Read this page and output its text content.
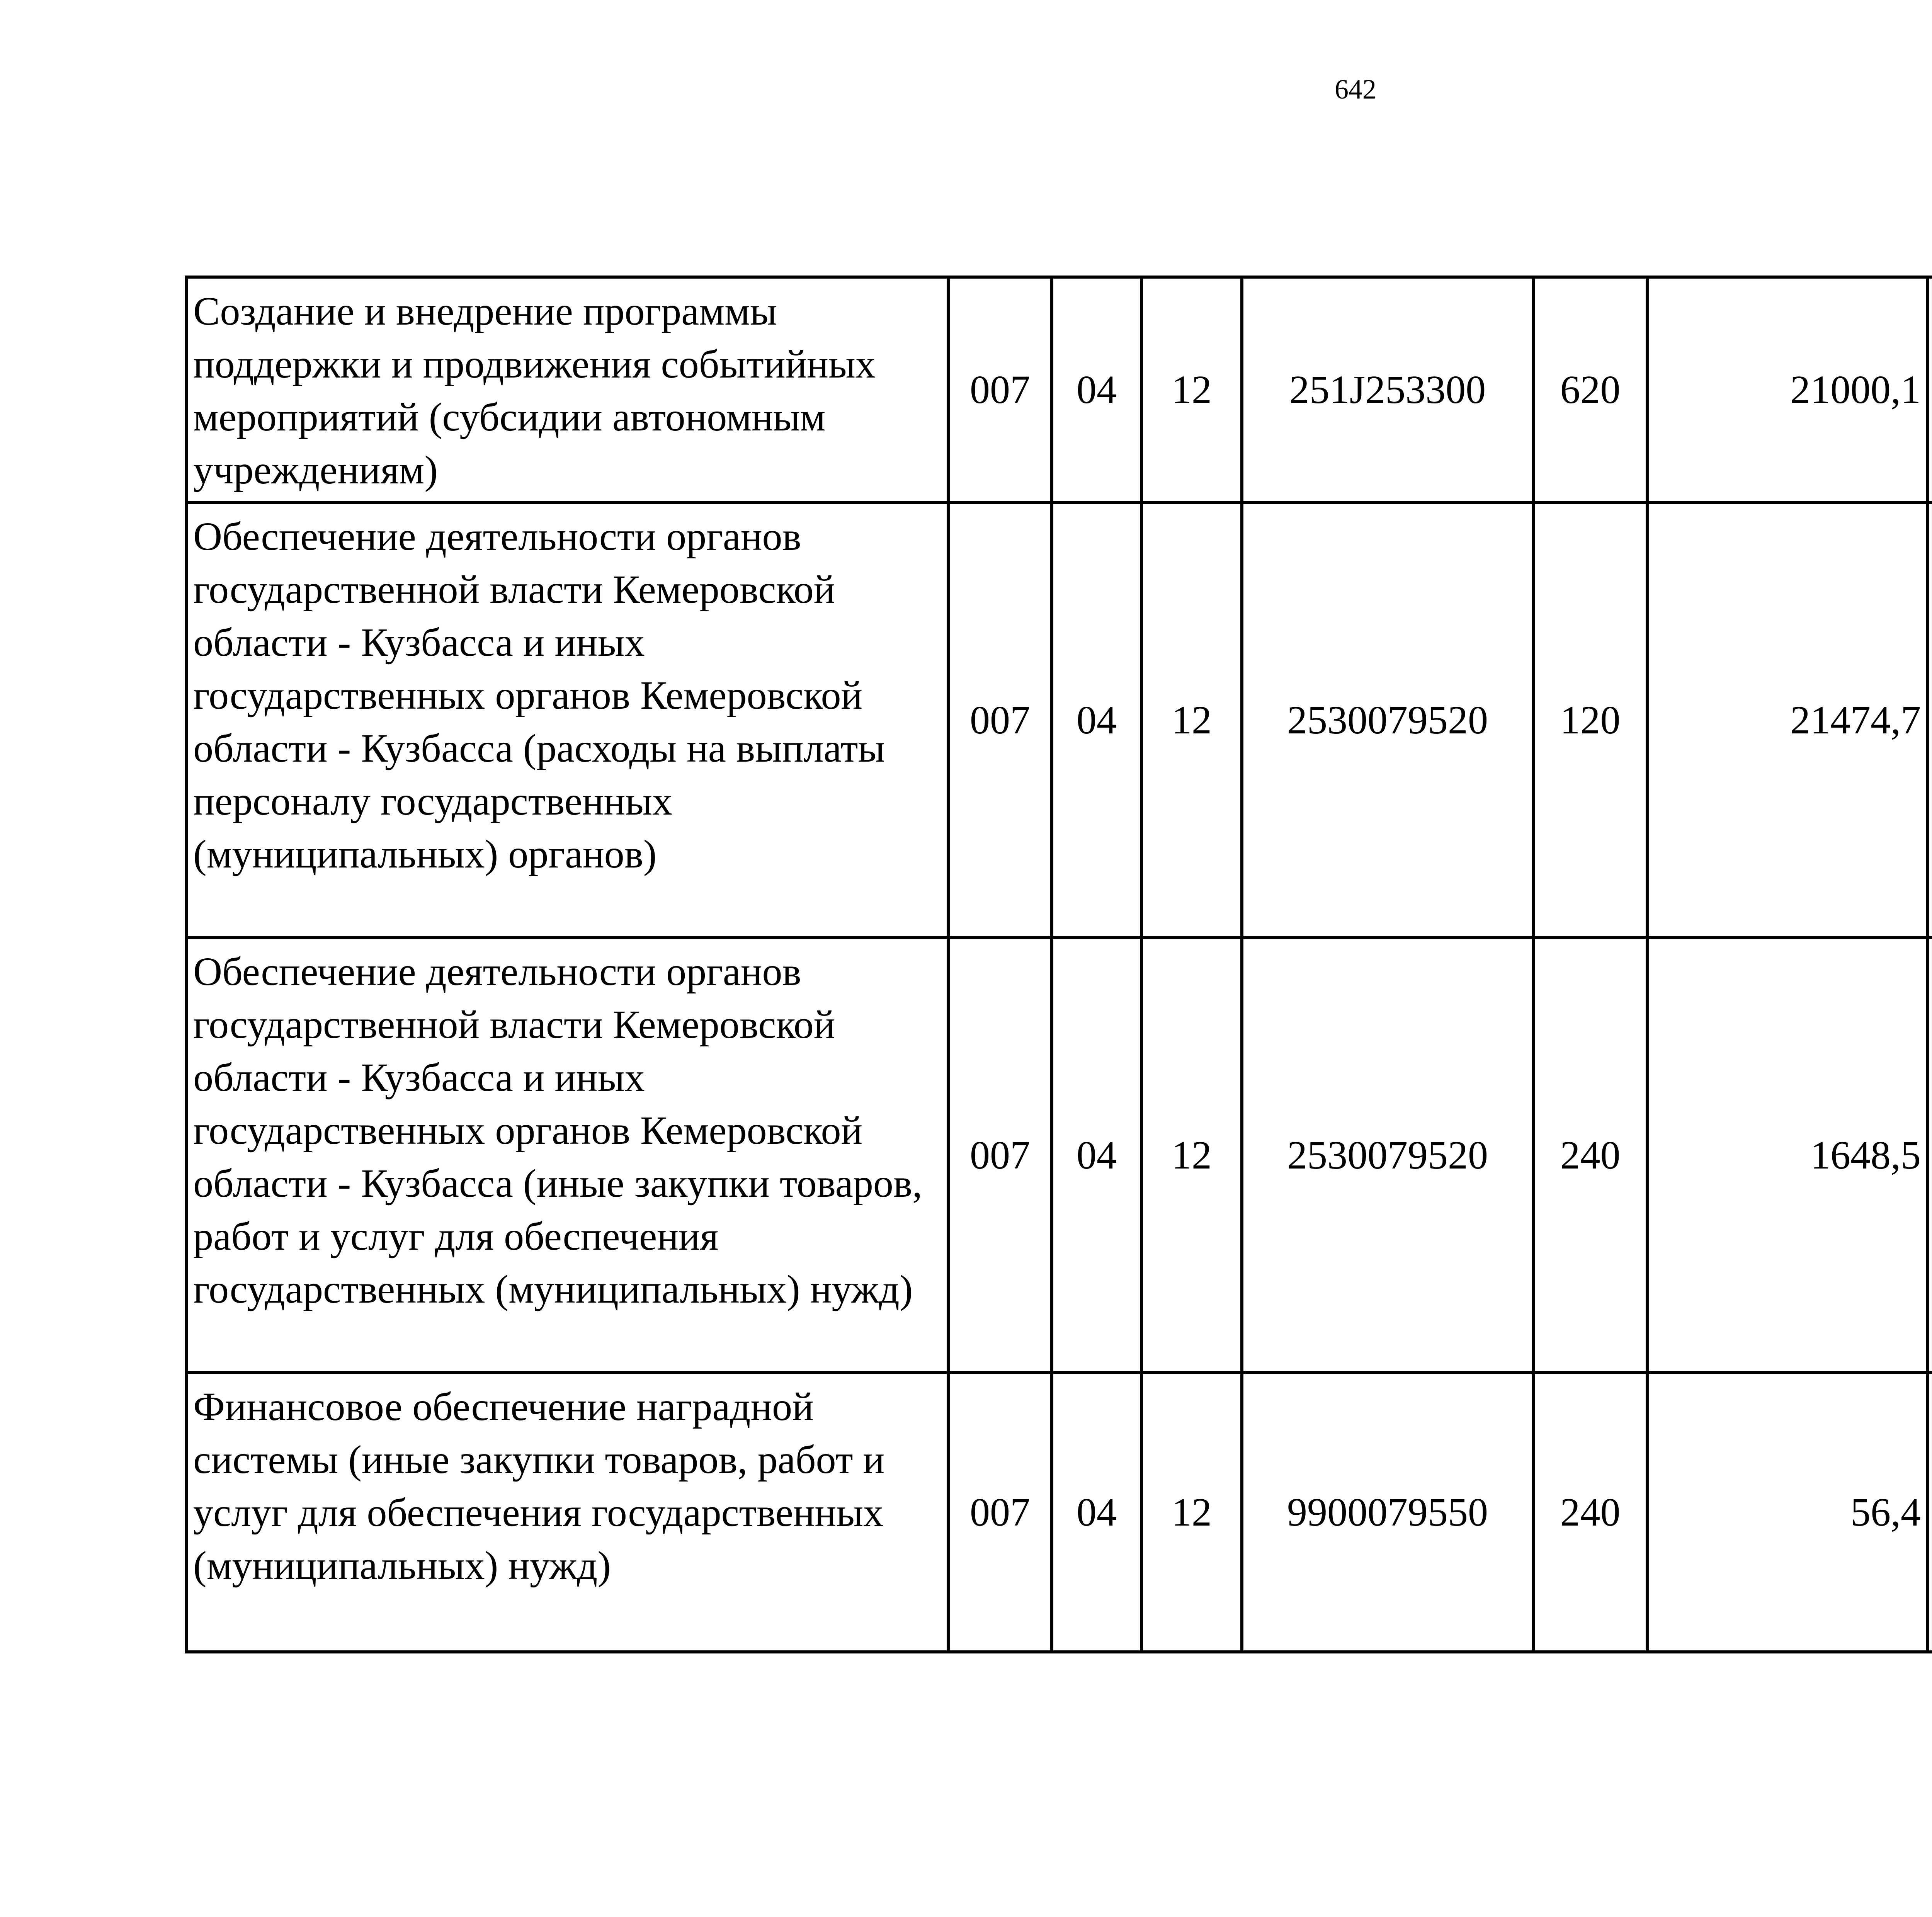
642
Создание и внедрение программы поддержки и продвижения событийных мероприятий (субсидии автономным учреждениям)	007	04	12	251J253300	620	21000,1		
Обеспечение деятельности органов государственной власти Кемеровской области - Кузбасса и иных государственных органов Кемеровской области - Кузбасса (расходы на выплаты персоналу государственных (муниципальных) органов)	007	04	12	2530079520	120	21474,7		
Обеспечение деятельности органов государственной власти Кемеровской области - Кузбасса и иных государственных органов Кемеровской области - Кузбасса (иные закупки товаров, работ и услуг для обеспечения государственных (муниципальных) нужд)	007	04	12	2530079520	240	1648,5		
Финансовое обеспечение наградной системы (иные закупки товаров, работ и услуг для обеспечения государственных (муниципальных) нужд)	007	04	12	9900079550	240	56,4		
